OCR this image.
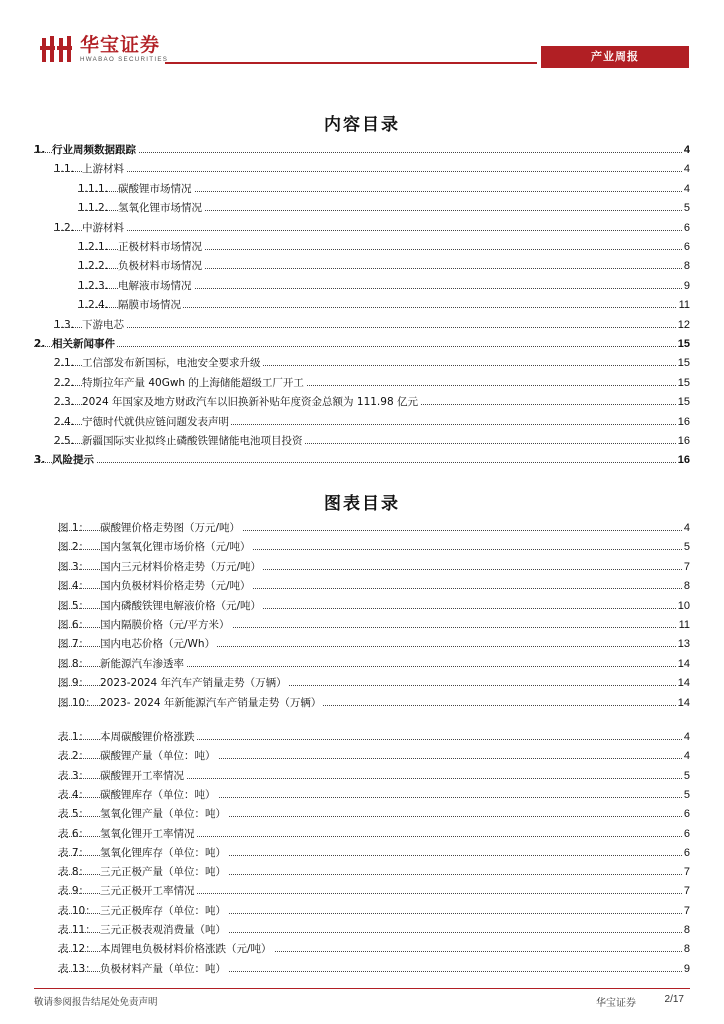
华宝证券
HWABAO SECURITIES	产业周报
内容目录
1. 行业周频数据跟踪	4
1.1. 上游材料	4
1.1.1. 碳酸锂市场情况	4
1.1.2. 氢氧化锂市场情况	5
1.2. 中游材料	6
1.2.1. 正极材料市场情况	6
1.2.2. 负极材料市场情况	8
1.2.3. 电解液市场情况	9
1.2.4. 隔膜市场情况	11
1.3. 下游电芯	12
2. 相关新闻事件	15
2.1. 工信部发布新国标，电池安全要求升级	15
2.2. 特斯拉年产量 40Gwh 的上海储能超级工厂开工	15
2.3. 2024 年国家及地方财政汽车以旧换新补贴年度资金总额为 111.98 亿元	15
2.4. 宁德时代就供应链问题发表声明	16
2.5. 新疆国际实业拟终止磷酸铁锂储能电池项目投资	16
3. 风险提示	16
图表目录
图 1： 碳酸锂价格走势图（万元/吨）	4
图 2： 国内氢氧化锂市场价格（元/吨）	5
图 3： 国内三元材料价格走势（万元/吨）	7
图 4： 国内负极材料价格走势（元/吨）	8
图 5： 国内磷酸铁锂电解液价格（元/吨）	10
图 6： 国内隔膜价格（元/平方米）	11
图 7： 国内电芯价格（元/Wh）	13
图 8： 新能源汽车渗透率	14
图 9： 2023-2024 年汽车产销量走势（万辆）	14
图 10： 2023- 2024 年新能源汽车产销量走势（万辆）	14
表 1： 本周碳酸锂价格涨跌	4
表 2： 碳酸锂产量（单位：吨）	4
表 3： 碳酸锂开工率情况	5
表 4： 碳酸锂库存（单位：吨）	5
表 5： 氢氧化锂产量（单位：吨）	6
表 6： 氢氧化锂开工率情况	6
表 7： 氢氧化锂库存（单位：吨）	6
表 8： 三元正极产量（单位：吨）	7
表 9： 三元正极开工率情况	7
表 10： 三元正极库存（单位：吨）	7
表 11： 三元正极表观消费量（吨）	8
表 12： 本周锂电负极材料价格涨跌（元/吨）	8
表 13： 负极材料产量（单位：吨）	9
敬请参阅报告结尾处免责声明	华宝证券	2/17
